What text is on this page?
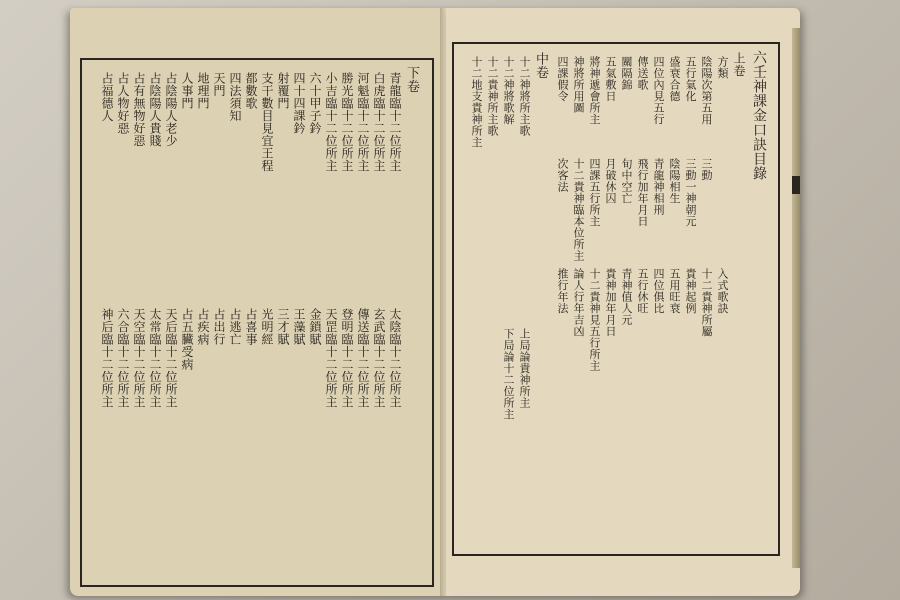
下卷
青龍臨十二位所主
白虎臨十二位所主
河魁臨十二位所主
勝光臨十二位所主
小吉臨十二位所主
六十甲子鈐
四十四課鈐
射覆門
支干數目見宜王程
都數歌
四法須知
天門
地理門
人事門
占陰陽人老少
占陰陽人貴賤
占有無物好惡
占人物好惡
占福德人
太陰臨十二位所主
玄武臨十二位所主
傳送臨十二位所主
登明臨十二位所主
天罡臨十二位所主
金鎖賦
王藻賦
三才賦
光明經
占喜事
占逃亡
占出行
占疾病
占五臟受病
天后臨十二位所主
太常臨十二位所主
天空臨十二位所主
六合臨十二位所主
神后臨十二位所主
六壬神課金口訣目錄
上卷
方類
陰陽次第五用
五行氣化
盛衰合德
四位內見五行
傳送歌
關隔錦
五氣敷日
將神遞會所主
神將所用圖
四課假令
三動
三動一神朝元
陰陽相生
青龍神相刑
飛行加年月日
旬中空亡
月破休囚
四課五行所主
十二貴神臨本位所主
次客法
入式歌訣
十二貴神所屬
貴神起例
五用旺衰
四位俱比
五行休旺
青神值人元
貴神加年月日
十二貴神見五行所主
論人行年吉凶
推行年法
中卷
十二神將所主歌
十二神將歌解
十二貴神所主歌
十二地支貴神所主
上局論貴神所主
下局論十二位所主
